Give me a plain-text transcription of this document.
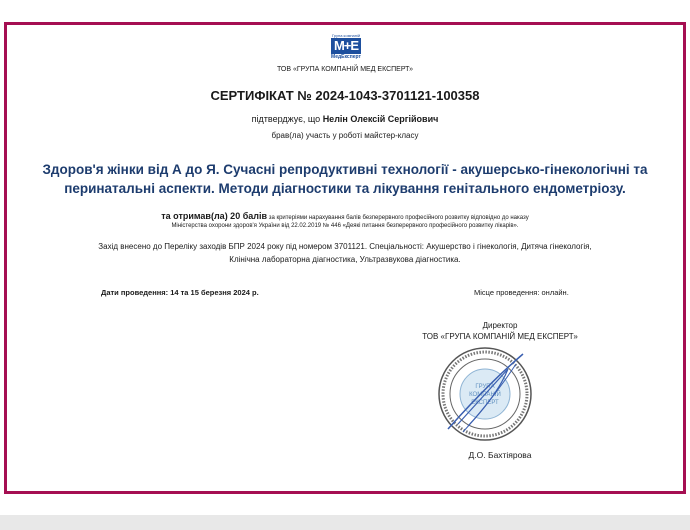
Група компаній
М+Е
МедЕксперт
ТОВ «ГРУПА КОМПАНІЙ МЕД ЕКСПЕРТ»
СЕРТИФІКАТ № 2024-1043-3701121-100358
підтверджує, що Нелін Олексій Сергійович
брав(ла) участь у роботі майстер-класу
Здоров'я жінки від А до Я. Сучасні репродуктивні технології - акушерсько-гінекологічні та
перинатальні аспекти. Методи діагностики та лікування генітального ендометріозу.
та отримав(ла) 20 балів за критеріями нарахування балів безперервного професійного розвитку відповідно до наказу
Міністерства охорони здоров'я України від 22.02.2019 № 446 «Деякі питання безперервного професійного розвитку лікарів».
Захід внесено до Переліку заходів БПР 2024 року під номером 3701121. Спеціальності: Акушерство і гінекологія, Дитяча гінекологія,
Клінічна лабораторна діагностика, Ультразвукова діагностика.
Дати проведення: 14 та 15 березня 2024 р.	Місце проведення: онлайн.
Директор
ТОВ «ГРУПА КОМПАНІЙ МЕД ЕКСПЕРТ»
ГРУПА
КОМПАНІЙ
ЕКСПЕРТ
Д.О. Бахтіярова
